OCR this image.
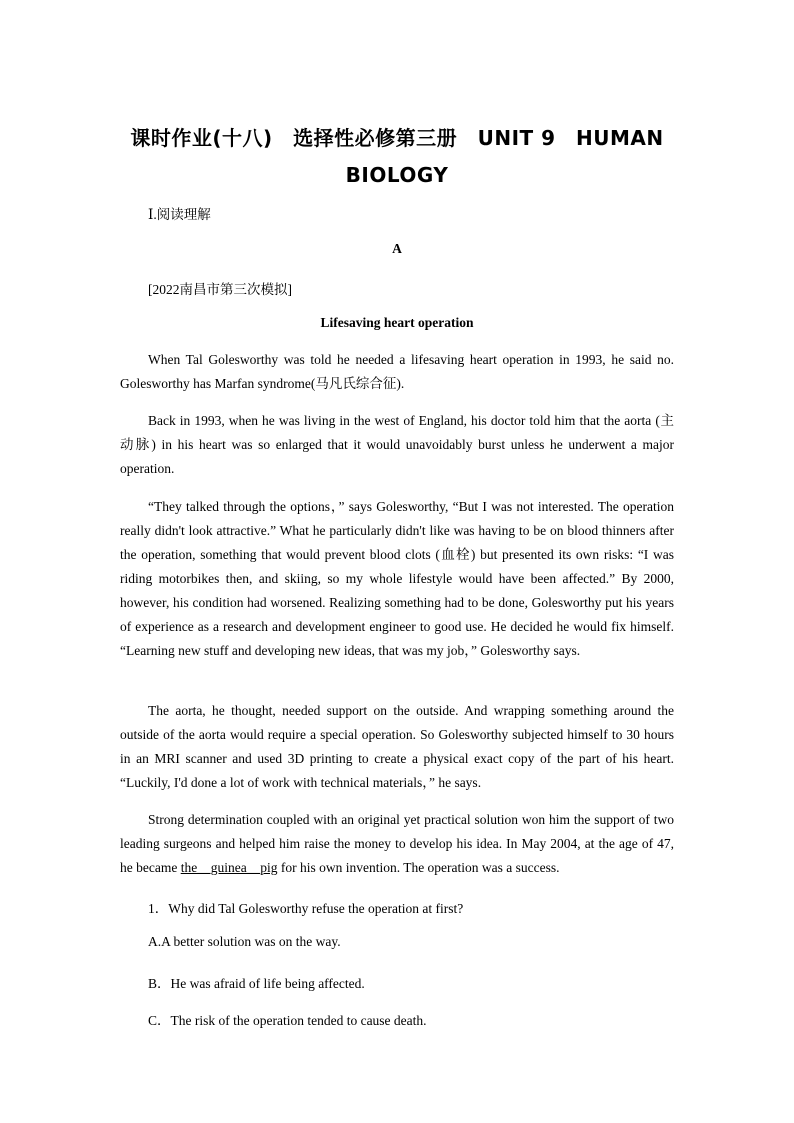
课时作业(十八)　选择性必修第三册　UNIT 9　HUMAN
BIOLOGY
Ⅰ.阅读理解
A
[2022南昌市第三次模拟]
Lifesaving heart operation

When Tal Golesworthy was told he needed a lifesaving heart operation in 1993, he said no. Golesworthy has Marfan syndrome(马凡氏综合征).

Back in 1993, when he was living in the west of England, his doctor told him that the aorta (主动脉) in his heart was so enlarged that it would unavoidably burst unless he underwent a major operation.

“They talked through the options，” says Golesworthy, “But I was not interested. The operation really didn't look attractive.” What he particularly didn't like was having to be on blood thinners after the operation, something that would prevent blood clots (血栓) but presented its own risks: “I was riding motorbikes then, and skiing, so my whole lifestyle would have been affected.” By 2000, however, his condition had worsened. Realizing something had to be done, Golesworthy put his years of experience as a research and development engineer to good use. He decided he would fix himself. “Learning new stuff and developing new ideas, that was my job，” Golesworthy says.

The aorta, he thought, needed support on the outside. And wrapping something around the outside of the aorta would require a special operation. So Golesworthy subjected himself to 30 hours in an MRI scanner and used 3D printing to create a physical exact copy of the part of his heart. “Luckily, I'd done a lot of work with technical materials，” he says.

Strong determination coupled with an original yet practical solution won him the support of two leading surgeons and helped him raise the money to develop his idea. In May 2004, at the age of 47, he became the__guinea__pig for his own invention. The operation was a success.

1．Why did Tal Golesworthy refuse the operation at first?
A.A better solution was on the way.
B．He was afraid of life being affected.
C．The risk of the operation tended to cause death.
